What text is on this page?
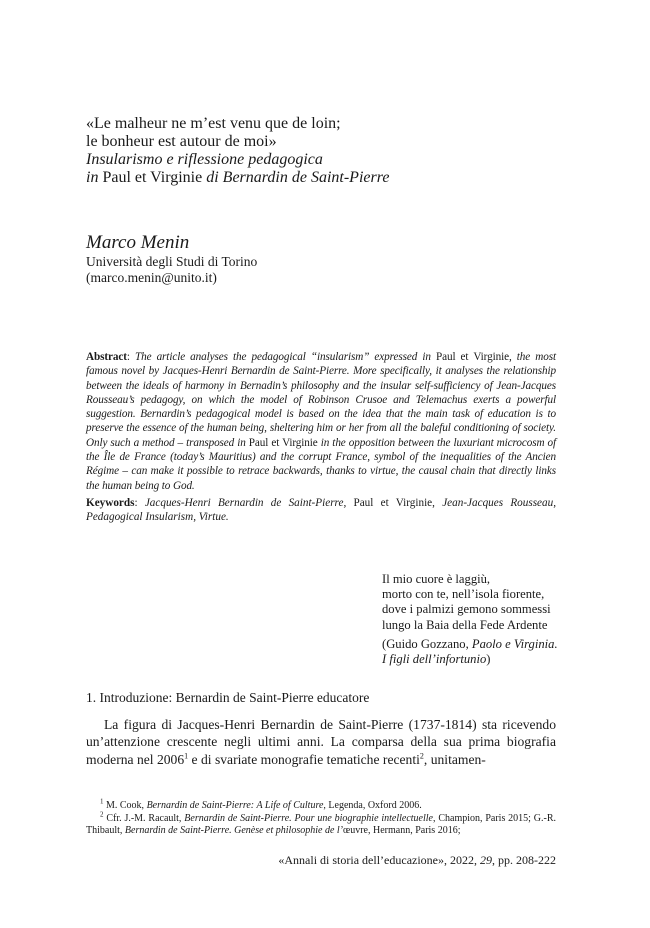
«Le malheur ne m’est venu que de loin;
le bonheur est autour de moi»
Insularismo e riflessione pedagogica
in Paul et Virginie di Bernardin de Saint-Pierre
Marco Menin
Università degli Studi di Torino
(marco.menin@unito.it)
Abstract: The article analyses the pedagogical “insularism” expressed in Paul et Virginie, the most famous novel by Jacques-Henri Bernardin de Saint-Pierre. More specifically, it analyses the relationship between the ideals of harmony in Bernadin’s philosophy and the insular self-sufficiency of Jean-Jacques Rousseau’s pedagogy, on which the model of Robinson Crusoe and Telemachus exerts a powerful suggestion. Bernardin’s pedagogical model is based on the idea that the main task of education is to preserve the essence of the human being, sheltering him or her from all the baleful conditioning of society. Only such a method – transposed in Paul et Virginie in the opposition between the luxuriant microcosm of the Île de France (today’s Mauritius) and the corrupt France, symbol of the inequalities of the Ancien Régime – can make it possible to retrace backwards, thanks to virtue, the causal chain that directly links the human being to God.
Keywords: Jacques-Henri Bernardin de Saint-Pierre, Paul et Virginie, Jean-Jacques Rousseau, Pedagogical Insularism, Virtue.
Il mio cuore è laggiù,
morto con te, nell’isola fiorente,
dove i palmizi gemono sommessi
lungo la Baia della Fede Ardente
(Guido Gozzano, Paolo e Virginia. I figli dell’infortunio)
1. Introduzione: Bernardin de Saint-Pierre educatore

La figura di Jacques-Henri Bernardin de Saint-Pierre (1737-1814) sta ricevendo un’attenzione crescente negli ultimi anni. La comparsa della sua prima biografia moderna nel 2006$^1$ e di svariate monografie tematiche recenti$^2$, unitamen-

$^1$ M. Cook, Bernardin de Saint-Pierre: A Life of Culture, Legenda, Oxford 2006.
$^2$ Cfr. J.-M. Racault, Bernardin de Saint-Pierre. Pour une biographie intellectuelle, Champion, Paris 2015; G.-R. Thibault, Bernardin de Saint-Pierre. Genèse et philosophie de l’œuvre, Hermann, Paris 2016;
«Annali di storia dell’educazione», 2022, 29, pp. 208-222
